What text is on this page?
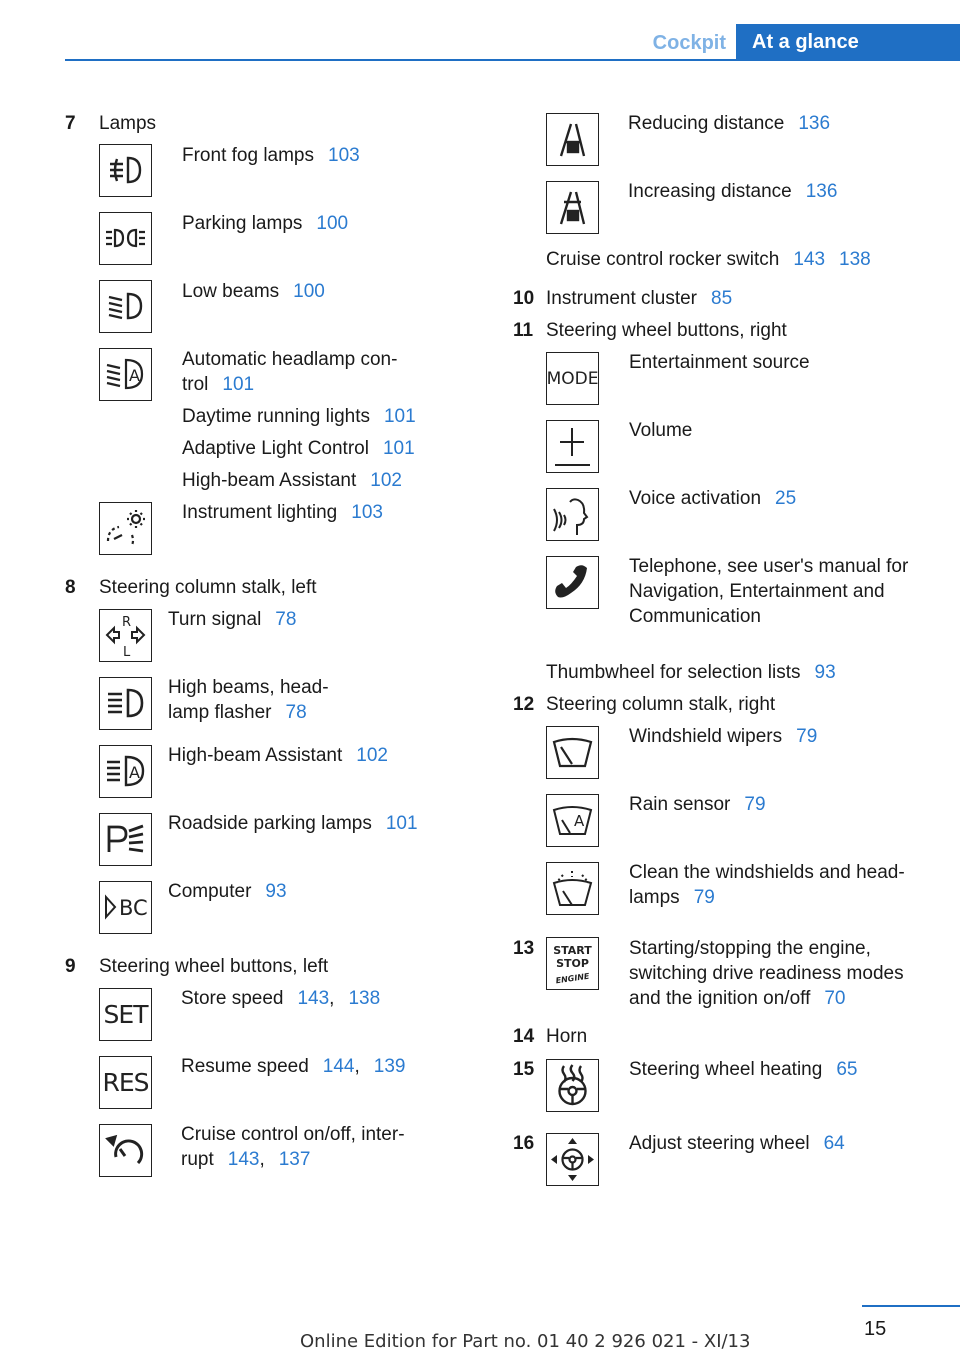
Cockpit	At a glance
7 Lamps
Front fog lamps 103
Parking lamps 100
Low beams 100
A
Automatic headlamp con-
trol 101
Daytime running lights 101
Adaptive Light Control 101
High-beam Assistant 102
Instrument lighting 103
8 Steering column stalk, left
R
L
Turn signal 78
High beams, head-
lamp flasher 78
A
High-beam Assistant 102
Roadside parking lamps 101
BC
Computer 93
9 Steering wheel buttons, left
SET
Store speed 143, 138
RES
Resume speed 144, 139
Cruise control on/off, inter-
rupt 143, 137
Reducing distance 136
Increasing distance 136
Cruise control rocker switch 143 138
10 Instrument cluster 85
11 Steering wheel buttons, right
MODE
Entertainment source
Volume
Voice activation 25
Telephone, see user's manual for
Navigation, Entertainment and
Communication
Thumbwheel for selection lists 93
12 Steering column stalk, right
Windshield wipers 79
A
Rain sensor 79
Clean the windshields and head-
lamps 79
13 START
STOP
ENGINE
Starting/stopping the engine,
switching drive readiness modes
and the ignition on/off 70
14 Horn
15	Steering wheel heating 65
16	Adjust steering wheel 64
15
Online Edition for Part no. 01 40 2 926 021 - XI/13
